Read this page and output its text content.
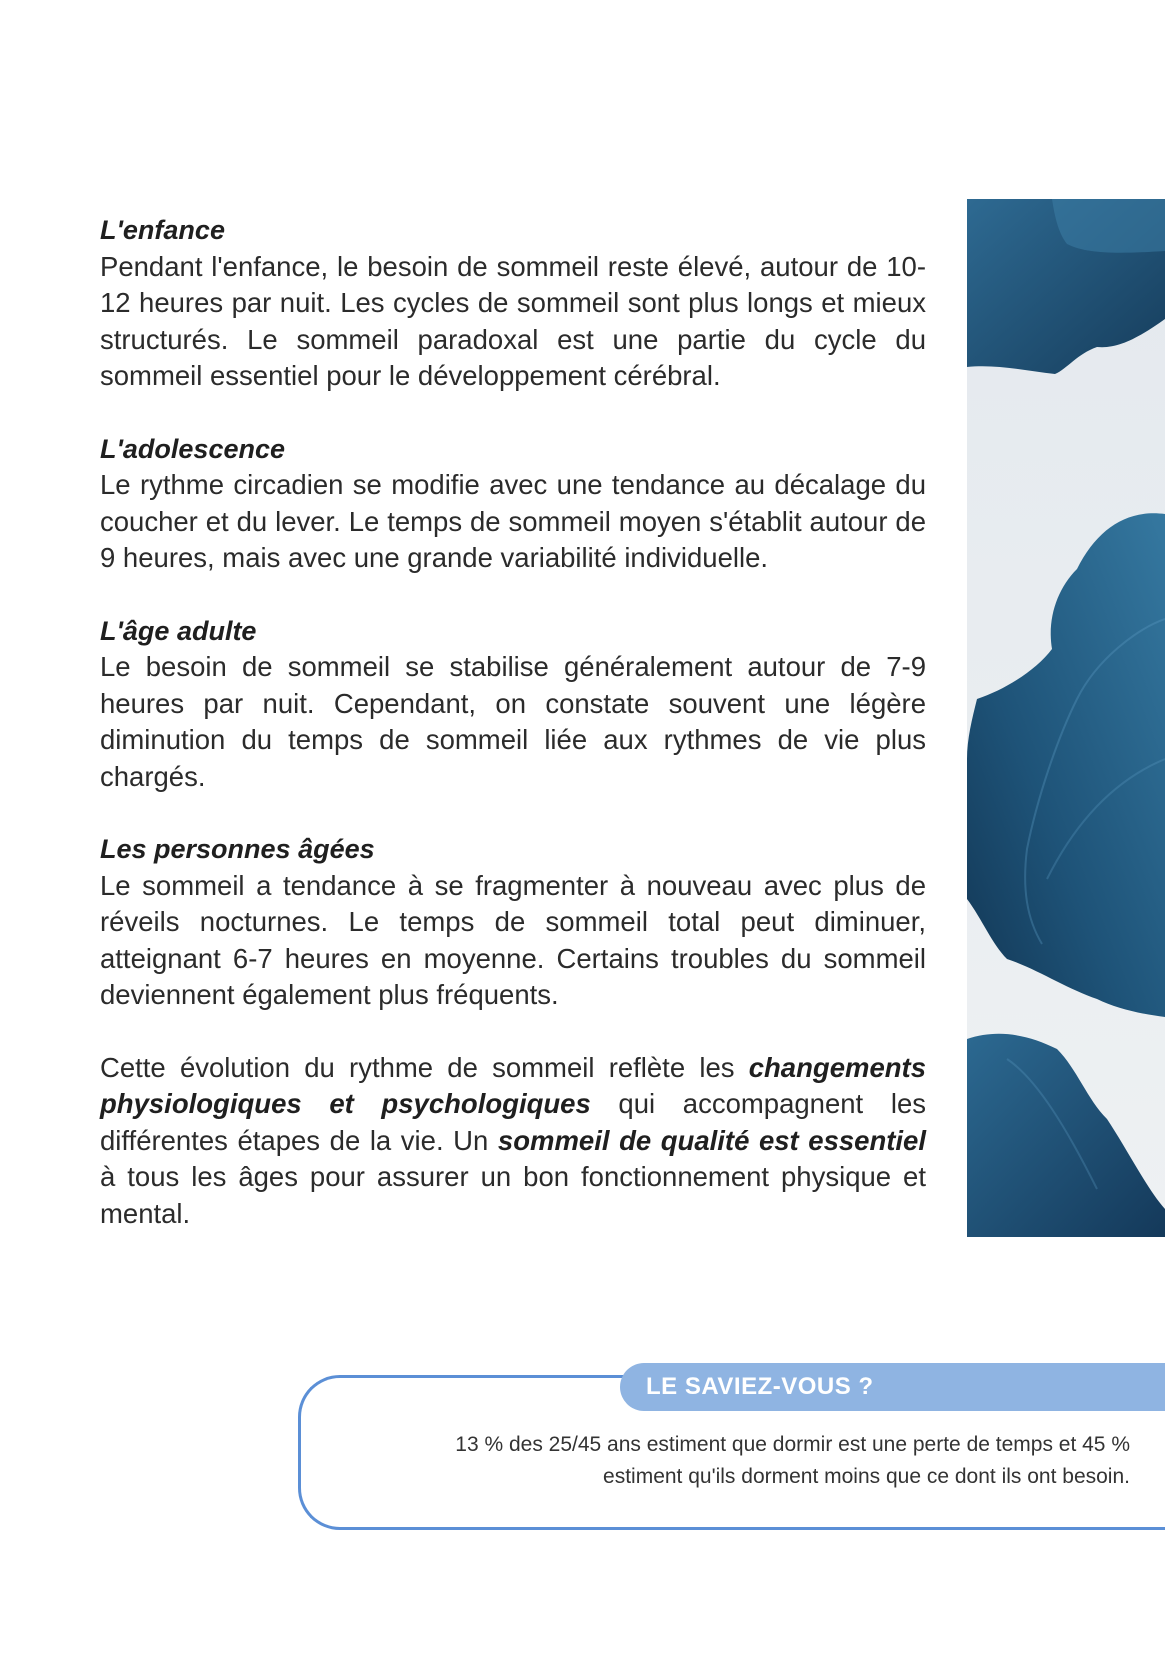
L'enfance

Pendant l'enfance, le besoin de sommeil reste élevé, autour de 10-12 heures par nuit. Les cycles de sommeil sont plus longs et mieux structurés. Le sommeil paradoxal est une partie du cycle du sommeil essentiel pour le développement cérébral.

L'adolescence

Le rythme circadien se modifie avec une tendance au décalage du coucher et du lever. Le temps de sommeil moyen s'établit autour de 9 heures, mais avec une grande variabilité individuelle.

L'âge adulte

Le besoin de sommeil se stabilise généralement autour de 7-9 heures par nuit. Cependant, on constate souvent une légère diminution du temps de sommeil liée aux rythmes de vie plus chargés.

Les personnes âgées

Le sommeil a tendance à se fragmenter à nouveau avec plus de réveils nocturnes. Le temps de sommeil total peut diminuer, atteignant 6-7 heures en moyenne. Certains troubles du sommeil deviennent également plus fréquents.

Cette évolution du rythme de sommeil reflète les changements physiologiques et psychologiques qui accompagnent les différentes étapes de la vie. Un sommeil de qualité est essentiel à tous les âges pour assurer un bon fonctionnement physique et mental.

LE SAVIEZ-VOUS ?
13 % des 25/45 ans estiment que dormir est une perte de temps et 45 %
estiment qu'ils dorment moins que ce dont ils ont besoin.
